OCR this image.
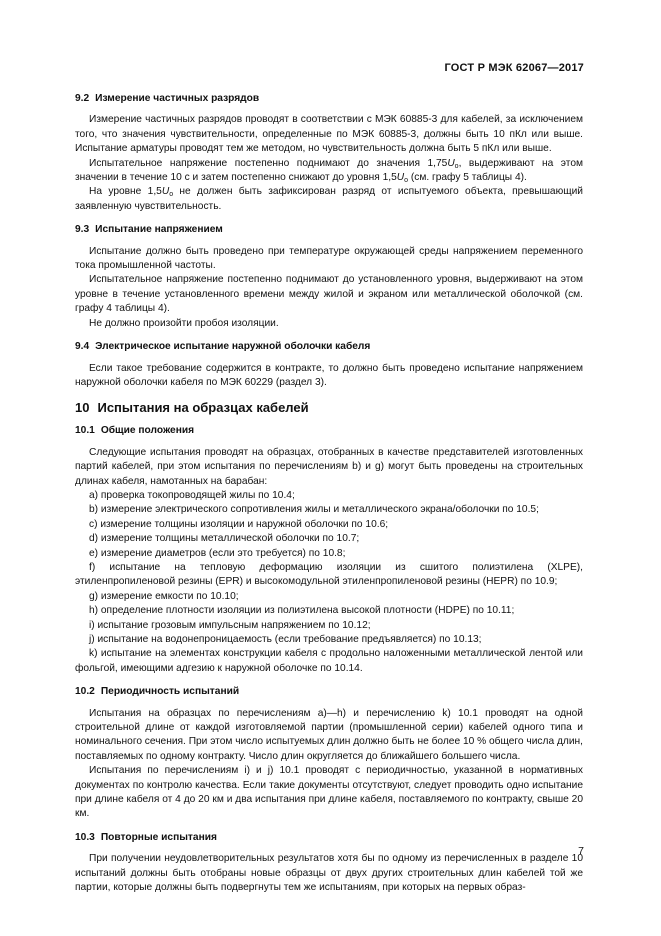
ГОСТ Р МЭК 62067—2017
9.2 Измерение частичных разрядов

Измерение частичных разрядов проводят в соответствии с МЭК 60885-3 для кабелей, за исключением того, что значения чувствительности, определенные по МЭК 60885-3, должны быть 10 пКл или выше. Испытание арматуры проводят тем же методом, но чувствительность должна быть 5 пКл или выше.

Испытательное напряжение постепенно поднимают до значения $1,75U_o$, выдерживают на этом значении в течение 10 с и затем постепенно снижают до уровня $1,5U_o$ (см. графу 5 таблицы 4).

На уровне $1,5U_o$ не должен быть зафиксирован разряд от испытуемого объекта, превышающий заявленную чувствительность.

9.3 Испытание напряжением

Испытание должно быть проведено при температуре окружающей среды напряжением переменного тока промышленной частоты.

Испытательное напряжение постепенно поднимают до установленного уровня, выдерживают на этом уровне в течение установленного времени между жилой и экраном или металлической оболочкой (см. графу 4 таблицы 4).

Не должно произойти пробоя изоляции.

9.4 Электрическое испытание наружной оболочки кабеля

Если такое требование содержится в контракте, то должно быть проведено испытание напряжением наружной оболочки кабеля по МЭК 60229 (раздел 3).

10 Испытания на образцах кабелей
10.1 Общие положения

Следующие испытания проводят на образцах, отобранных в качестве представителей изготовленных партий кабелей, при этом испытания по перечислениям b) и g) могут быть проведены на строительных длинах кабеля, намотанных на барабан:

a) проверка токопроводящей жилы по 10.4;

b) измерение электрического сопротивления жилы и металлического экрана/оболочки по 10.5;

c) измерение толщины изоляции и наружной оболочки по 10.6;

d) измерение толщины металлической оболочки по 10.7;

e) измерение диаметров (если это требуется) по 10.8;

f) испытание на тепловую деформацию изоляции из сшитого полиэтилена (XLPE), этиленпропиленовой резины (EPR) и высокомодульной этиленпропиленовой резины (HEPR) по 10.9;

g) измерение емкости по 10.10;

h) определение плотности изоляции из полиэтилена высокой плотности (HDPE) по 10.11;

i) испытание грозовым импульсным напряжением по 10.12;

j) испытание на водонепроницаемость (если требование предъявляется) по 10.13;

k) испытание на элементах конструкции кабеля с продольно наложенными металлической лентой или фольгой, имеющими адгезию к наружной оболочке по 10.14.

10.2 Периодичность испытаний

Испытания на образцах по перечислениям а)—h) и перечислению k) 10.1 проводят на одной строительной длине от каждой изготовляемой партии (промышленной серии) кабелей одного типа и номинального сечения. При этом число испытуемых длин должно быть не более 10 % общего числа длин, поставляемых по одному контракту. Число длин округляется до ближайшего большего числа.

Испытания по перечислениям i) и j) 10.1 проводят с периодичностью, указанной в нормативных документах по контролю качества. Если такие документы отсутствуют, следует проводить одно испытание при длине кабеля от 4 до 20 км и два испытания при длине кабеля, поставляемого по контракту, свыше 20 км.

10.3 Повторные испытания

При получении неудовлетворительных результатов хотя бы по одному из перечисленных в разделе 10 испытаний должны быть отобраны новые образцы от двух других строительных длин кабелей той же партии, которые должны быть подвергнуты тем же испытаниям, при которых на первых образ-

7
